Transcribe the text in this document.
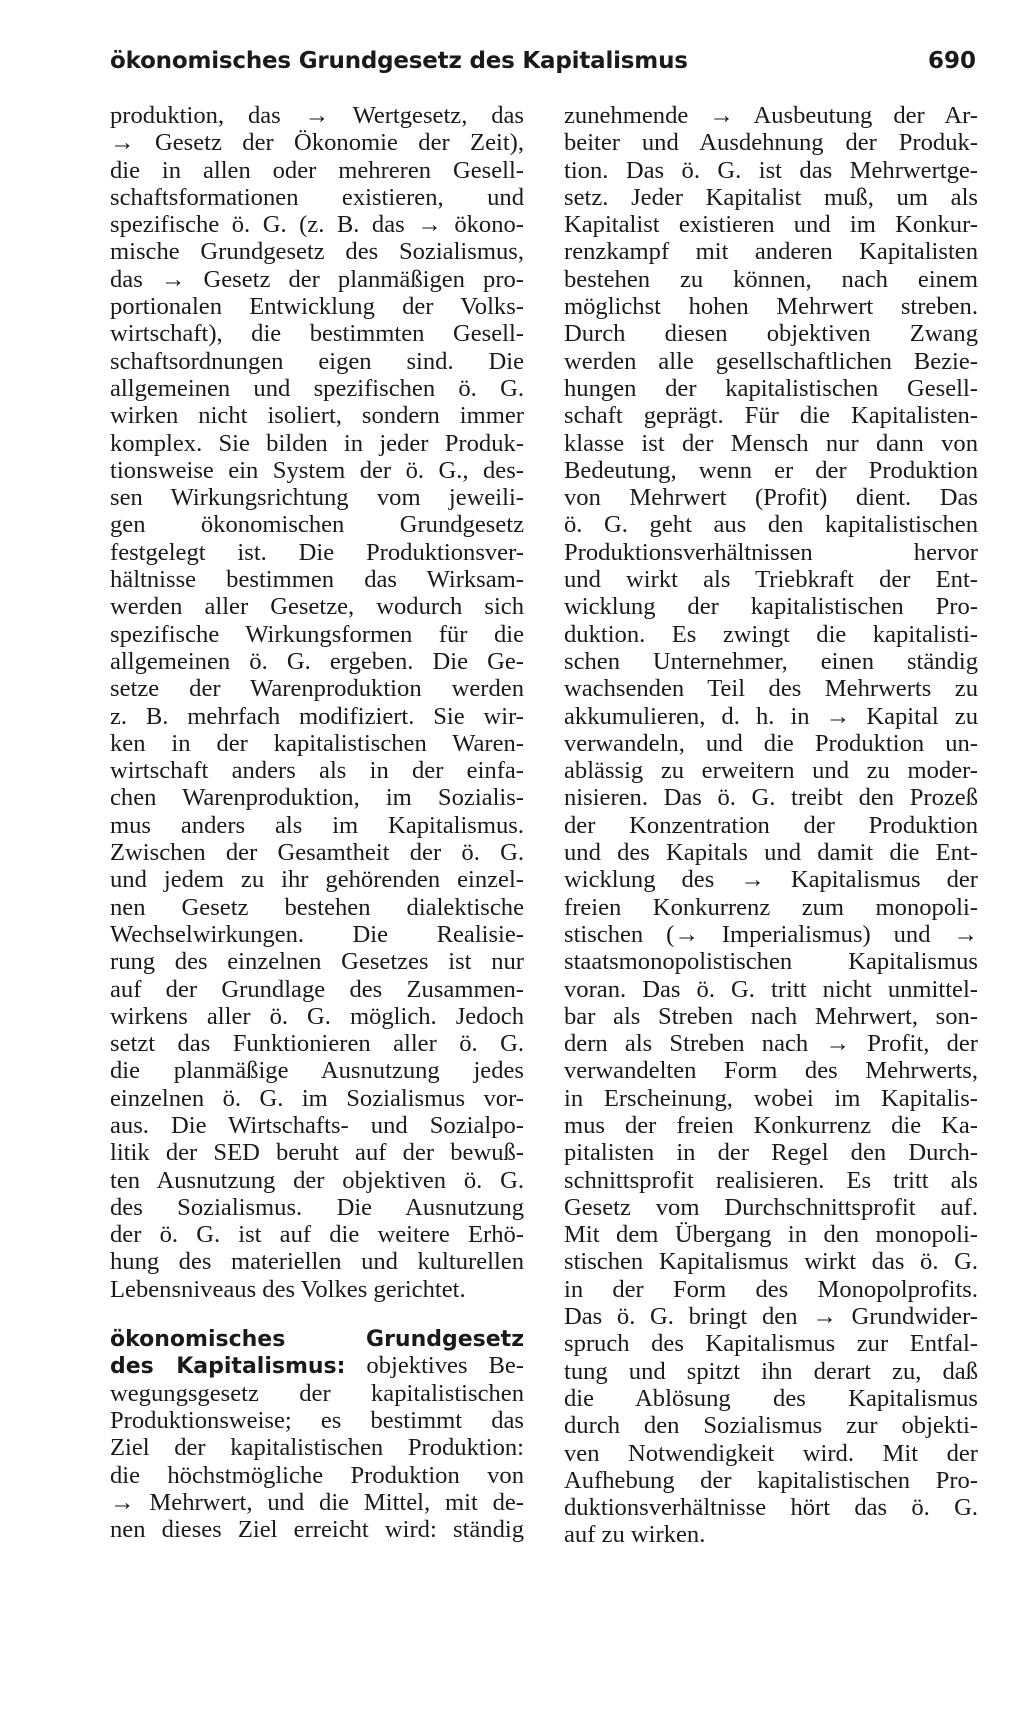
ökonomisches Grundgesetz des Kapitalismus	690
produktion, das → Wertgesetz, das
→ Gesetz der Ökonomie der Zeit),
die in allen oder mehreren Gesell-
schaftsformationen existieren, und
spezifische ö. G. (z. B. das → ökono-
mische Grundgesetz des Sozialismus,
das → Gesetz der planmäßigen pro-
portionalen Entwicklung der Volks-
wirtschaft), die bestimmten Gesell-
schaftsordnungen eigen sind. Die
allgemeinen und spezifischen ö. G.
wirken nicht isoliert, sondern immer
komplex. Sie bilden in jeder Produk-
tionsweise ein System der ö. G., des-
sen Wirkungsrichtung vom jeweili-
gen ökonomischen Grundgesetz
festgelegt ist. Die Produktionsver-
hältnisse bestimmen das Wirksam-
werden aller Gesetze, wodurch sich
spezifische Wirkungsformen für die
allgemeinen ö. G. ergeben. Die Ge-
setze der Warenproduktion werden
z. B. mehrfach modifiziert. Sie wir-
ken in der kapitalistischen Waren-
wirtschaft anders als in der einfa-
chen Warenproduktion, im Sozialis-
mus anders als im Kapitalismus.
Zwischen der Gesamtheit der ö. G.
und jedem zu ihr gehörenden einzel-
nen Gesetz bestehen dialektische
Wechselwirkungen. Die Realisie-
rung des einzelnen Gesetzes ist nur
auf der Grundlage des Zusammen-
wirkens aller ö. G. möglich. Jedoch
setzt das Funktionieren aller ö. G.
die planmäßige Ausnutzung jedes
einzelnen ö. G. im Sozialismus vor-
aus. Die Wirtschafts- und Sozialpo-
litik der SED beruht auf der bewuß-
ten Ausnutzung der objektiven ö. G.
des Sozialismus. Die Ausnutzung
der ö. G. ist auf die weitere Erhö-
hung des materiellen und kulturellen
Lebensniveaus des Volkes gerichtet.
ökonomisches Grundgesetz
des Kapitalismus: objektives Be-
wegungsgesetz der kapitalistischen
Produktionsweise; es bestimmt das
Ziel der kapitalistischen Produktion:
die höchstmögliche Produktion von
→ Mehrwert, und die Mittel, mit de-
nen dieses Ziel erreicht wird: ständig
zunehmende → Ausbeutung der Ar-
beiter und Ausdehnung der Produk-
tion. Das ö. G. ist das Mehrwertge-
setz. Jeder Kapitalist muß, um als
Kapitalist existieren und im Konkur-
renzkampf mit anderen Kapitalisten
bestehen zu können, nach einem
möglichst hohen Mehrwert streben.
Durch diesen objektiven Zwang
werden alle gesellschaftlichen Bezie-
hungen der kapitalistischen Gesell-
schaft geprägt. Für die Kapitalisten-
klasse ist der Mensch nur dann von
Bedeutung, wenn er der Produktion
von Mehrwert (Profit) dient. Das
ö. G. geht aus den kapitalistischen
Produktionsverhältnissen hervor
und wirkt als Triebkraft der Ent-
wicklung der kapitalistischen Pro-
duktion. Es zwingt die kapitalisti-
schen Unternehmer, einen ständig
wachsenden Teil des Mehrwerts zu
akkumulieren, d. h. in → Kapital zu
verwandeln, und die Produktion un-
ablässig zu erweitern und zu moder-
nisieren. Das ö. G. treibt den Prozeß
der Konzentration der Produktion
und des Kapitals und damit die Ent-
wicklung des → Kapitalismus der
freien Konkurrenz zum monopoli-
stischen (→ Imperialismus) und →
staatsmonopolistischen Kapitalismus
voran. Das ö. G. tritt nicht unmittel-
bar als Streben nach Mehrwert, son-
dern als Streben nach → Profit, der
verwandelten Form des Mehrwerts,
in Erscheinung, wobei im Kapitalis-
mus der freien Konkurrenz die Ka-
pitalisten in der Regel den Durch-
schnittsprofit realisieren. Es tritt als
Gesetz vom Durchschnittsprofit auf.
Mit dem Übergang in den monopoli-
stischen Kapitalismus wirkt das ö. G.
in der Form des Monopolprofits.
Das ö. G. bringt den → Grundwider-
spruch des Kapitalismus zur Entfal-
tung und spitzt ihn derart zu, daß
die Ablösung des Kapitalismus
durch den Sozialismus zur objekti-
ven Notwendigkeit wird. Mit der
Aufhebung der kapitalistischen Pro-
duktionsverhältnisse hört das ö. G.
auf zu wirken.
